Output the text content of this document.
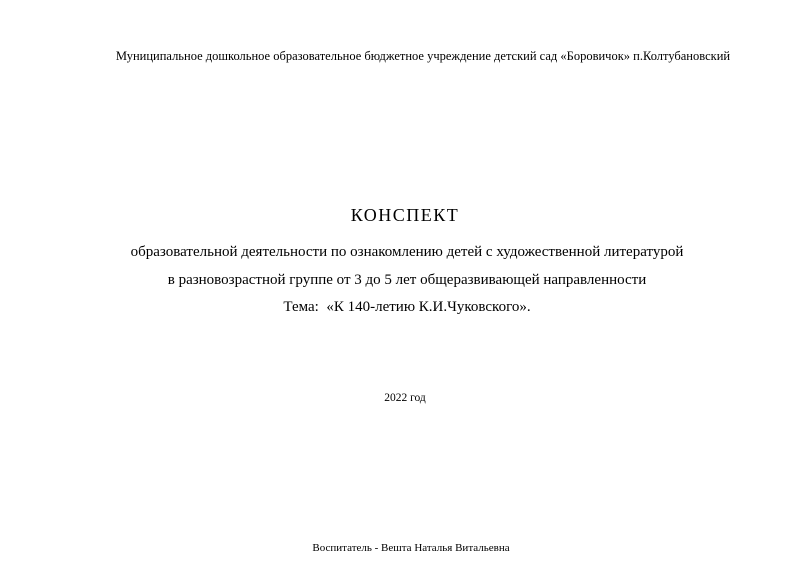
Муниципальное дошкольное образовательное бюджетное учреждение детский сад «Боровичок» п.Колтубановский
КОНСПЕКТ
образовательной деятельности по ознакомлению детей с художественной литературой
в разновозрастной группе от 3 до 5 лет общеразвивающей направленности
Тема:  «К 140-летию К.И.Чуковского».
2022 год
Воспитатель - Вешта Наталья Витальевна
